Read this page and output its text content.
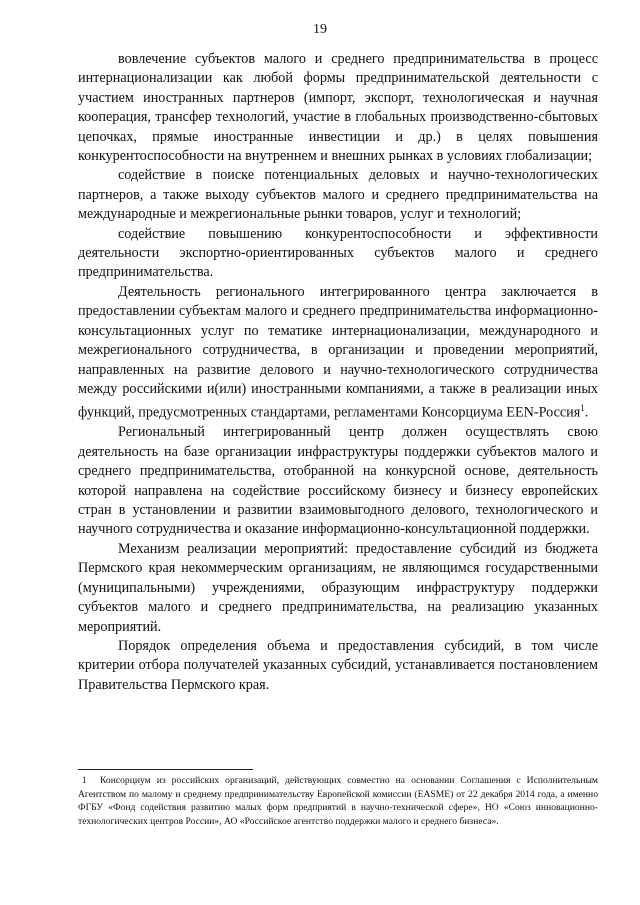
19

вовлечение субъектов малого и среднего предпринимательства в процесс интернационализации как любой формы предпринимательской деятельности с участием иностранных партнеров (импорт, экспорт, технологическая и научная кооперация, трансфер технологий, участие в глобальных производственно-сбытовых цепочках, прямые иностранные инвестиции и др.) в целях повышения конкурентоспособности на внутреннем и внешних рынках в условиях глобализации;

содействие в поиске потенциальных деловых и научно-технологических партнеров, а также выходу субъектов малого и среднего предпринимательства на международные и межрегиональные рынки товаров, услуг и технологий;

содействие повышению конкурентоспособности и эффективности деятельности экспортно-ориентированных субъектов малого и среднего предпринимательства.

Деятельность регионального интегрированного центра заключается в предоставлении субъектам малого и среднего предпринимательства информационно-консультационных услуг по тематике интернационализации, международного и межрегионального сотрудничества, в организации и проведении мероприятий, направленных на развитие делового и научно-технологического сотрудничества между российскими и(или) иностранными компаниями, а также в реализации иных функций, предусмотренных стандартами, регламентами Консорциума EEN-Россия$^1$.

Региональный интегрированный центр должен осуществлять свою деятельность на базе организации инфраструктуры поддержки субъектов малого и среднего предпринимательства, отобранной на конкурсной основе, деятельность которой направлена на содействие российскому бизнесу и бизнесу европейских стран в установлении и развитии взаимовыгодного делового, технологического и научного сотрудничества и оказание информационно-консультационной поддержки.

Механизм реализации мероприятий: предоставление субсидий из бюджета Пермского края некоммерческим организациям, не являющимся государственными (муниципальными) учреждениями, образующим инфраструктуру поддержки субъектов малого и среднего предпринимательства, на реализацию указанных мероприятий.

Порядок определения объема и предоставления субсидий, в том числе критерии отбора получателей указанных субсидий, устанавливается постановлением Правительства Пермского края.

1 Консорциум из российских организаций, действующих совместно на основании Соглашения с Исполнительным Агентством по малому и среднему предпринимательству Европейской комиссии (EASME) от 22 декабря 2014 года, а именно ФГБУ «Фонд содействия развитию малых форм предприятий в научно-технической сфере», НО «Союз инновационно-технологических центров России», АО «Российское агентство поддержки малого и среднего бизнеса».
